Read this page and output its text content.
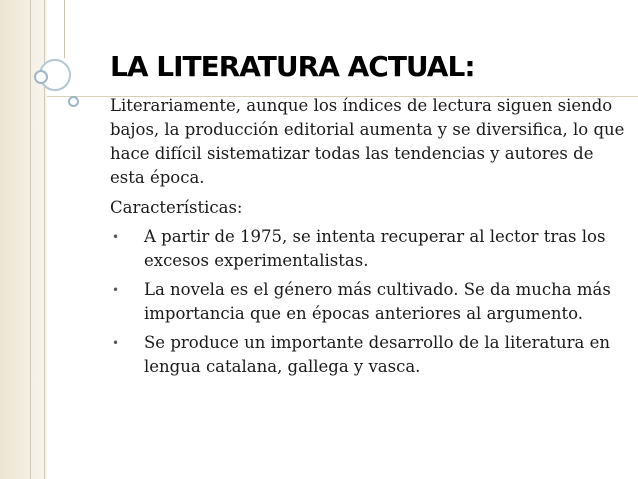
LA LITERATURA ACTUAL:

Literariamente, aunque los índices de lectura siguen siendo bajos, la producción editorial aumenta y se diversifica, lo que hace difícil sistematizar todas las tendencias y autores de esta época.

Características:

• A partir de 1975, se intenta recuperar al lector tras los excesos experimentalistas.
• La novela es el género más cultivado. Se da mucha más importancia que en épocas anteriores al argumento.
• Se produce un importante desarrollo de la literatura en lengua catalana, gallega y vasca.
